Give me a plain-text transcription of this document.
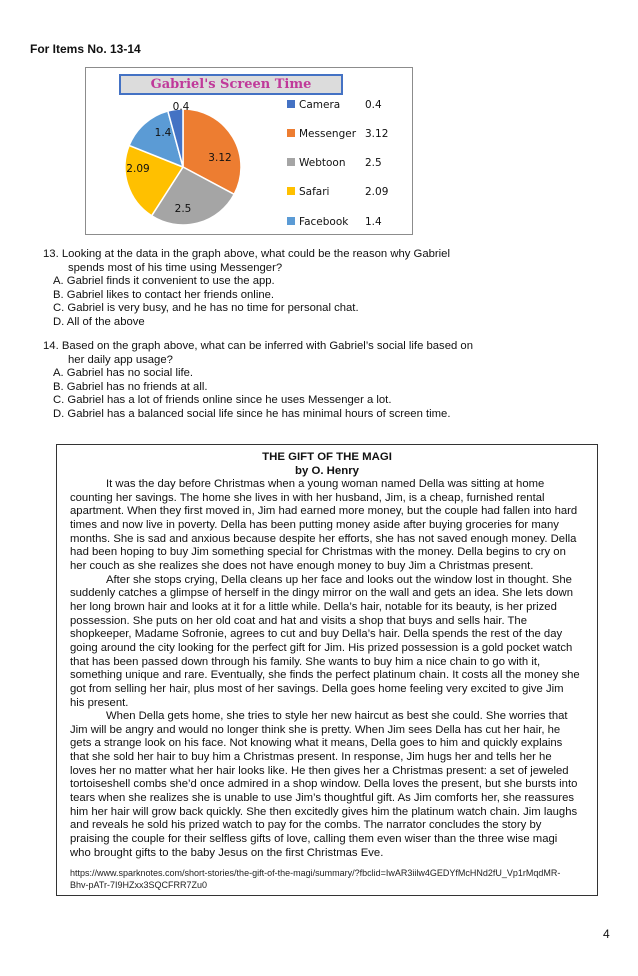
For Items No. 13-14
Gabriel's Screen Time
0.4
3.12
2.5
2.09
1.4
Camera 0.4
Messenger 3.12
Webtoon 2.5
Safari	2.09
Facebook 1.4
13. Looking at the data in the graph above, what could be the reason why Gabriel
spends most of his time using Messenger?
A. Gabriel finds it convenient to use the app.
B. Gabriel likes to contact her friends online.
C. Gabriel is very busy, and he has no time for personal chat.
D. All of the above
14. Based on the graph above, what can be inferred with Gabriel’s social life based on
her daily app usage?
A. Gabriel has no social life.
B. Gabriel has no friends at all.
C. Gabriel has a lot of friends online since he uses Messenger a lot.
D. Gabriel has a balanced social life since he has minimal hours of screen time.
THE GIFT OF THE MAGI
by O. Henry
It was the day before Christmas when a young woman named Della was sitting at home
counting her savings. The home she lives in with her husband, Jim, is a cheap, furnished rental
apartment. When they first moved in, Jim had earned more money, but the couple had fallen into hard
times and now live in poverty. Della has been putting money aside after buying groceries for many
months. She is sad and anxious because despite her efforts, she has not saved enough money. Della
had been hoping to buy Jim something special for Christmas with the money. Della begins to cry on
her couch as she realizes she does not have enough money to buy Jim a Christmas present.
After she stops crying, Della cleans up her face and looks out the window lost in thought. She
suddenly catches a glimpse of herself in the dingy mirror on the wall and gets an idea. She lets down
her long brown hair and looks at it for a little while. Della’s hair, notable for its beauty, is her prized
possession. She puts on her old coat and hat and visits a shop that buys and sells hair. The
shopkeeper, Madame Sofronie, agrees to cut and buy Della’s hair. Della spends the rest of the day
going around the city looking for the perfect gift for Jim. His prized possession is a gold pocket watch
that has been passed down through his family. She wants to buy him a nice chain to go with it,
something unique and rare. Eventually, she finds the perfect platinum chain. It costs all the money she
got from selling her hair, plus most of her savings. Della goes home feeling very excited to give Jim
his present.
When Della gets home, she tries to style her new haircut as best she could. She worries that
Jim will be angry and would no longer think she is pretty. When Jim sees Della has cut her hair, he
gets a strange look on his face. Not knowing what it means, Della goes to him and quickly explains
that she sold her hair to buy him a Christmas present. In response, Jim hugs her and tells her he
loves her no matter what her hair looks like. He then gives her a Christmas present: a set of jeweled
tortoiseshell combs she’d once admired in a shop window. Della loves the present, but she bursts into
tears when she realizes she is unable to use Jim’s thoughtful gift. As Jim comforts her, she reassures
him her hair will grow back quickly. She then excitedly gives him the platinum watch chain. Jim laughs
and reveals he sold his prized watch to pay for the combs. The narrator concludes the story by
praising the couple for their selfless gifts of love, calling them even wiser than the three wise magi
who brought gifts to the baby Jesus on the first Christmas Eve.
https://www.sparknotes.com/short-stories/the-gift-of-the-magi/summary/?fbclid=IwAR3iilw4GEDYfMcHNd2fU_Vp1rMqdMR-
Bhv-pATr-7I9HZxx3SQCFRR7Zu0
4
